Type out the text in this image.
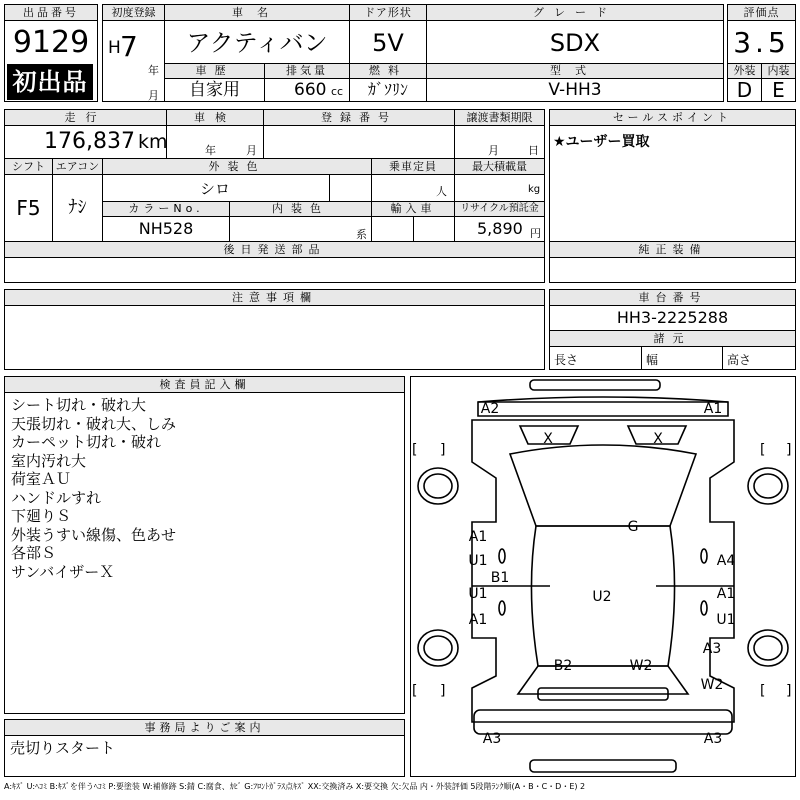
出品番号
9129
初出品
初度登録
H 7
年
月
車名
アクティバン
ドア形状
5V
グレード
SDX
評価点
3.5
車歴
自家用
排気量
660 cc
燃料
ｶﾞｿﾘﾝ
型式
V-HH3
外装	内装
D E
走行
176,837 km
車検
年	月
登録番号	譲渡書類期限
月	日
シフト エアコン
F5	ﾅｼ
外装色
シロ
乗車定員
人
最大積載量
kg
カラーNo.
NH528
内装色
系
輸入車	リサイクル預託金
5,890 円
後日発送部品
セールスポイント
★ユーザー買取
純正装備
注意事項欄	車台番号
HH3-2225288
諸元
長さ	幅	高さ
検査員記入欄
シート切れ・破れ大
天張切れ・破れ大、しみ
カーペット切れ・破れ
室内汚れ大
荷室ＡＵ
ハンドルすれ
下廻りＳ
外装うすい線傷、色あせ
各部Ｓ
サンバイザーＸ
事務局よりご案内
売切りスタート
A:ｷｽﾞ U:ﾍｺﾐ B:ｷｽﾞを伴うﾍｺﾐ P:要塗装 W:補修跡 S:錆 C:腐食、ｶﾋﾞ G:ﾌﾛﾝﾄｶﾞﾗｽ点ｷｽﾞ XX:交換済み X:要交換 欠:欠品 内・外装評価 5段階ﾗﾝｸ順(A・B・C・D・E) 2
A2	A1
X	X
G
A1
U1
B1
U1
A1
A4
A1
U1
U2
A3
B2	W2
W2
A3	A3
[ ]	[ ]
[ ]	[ ]
